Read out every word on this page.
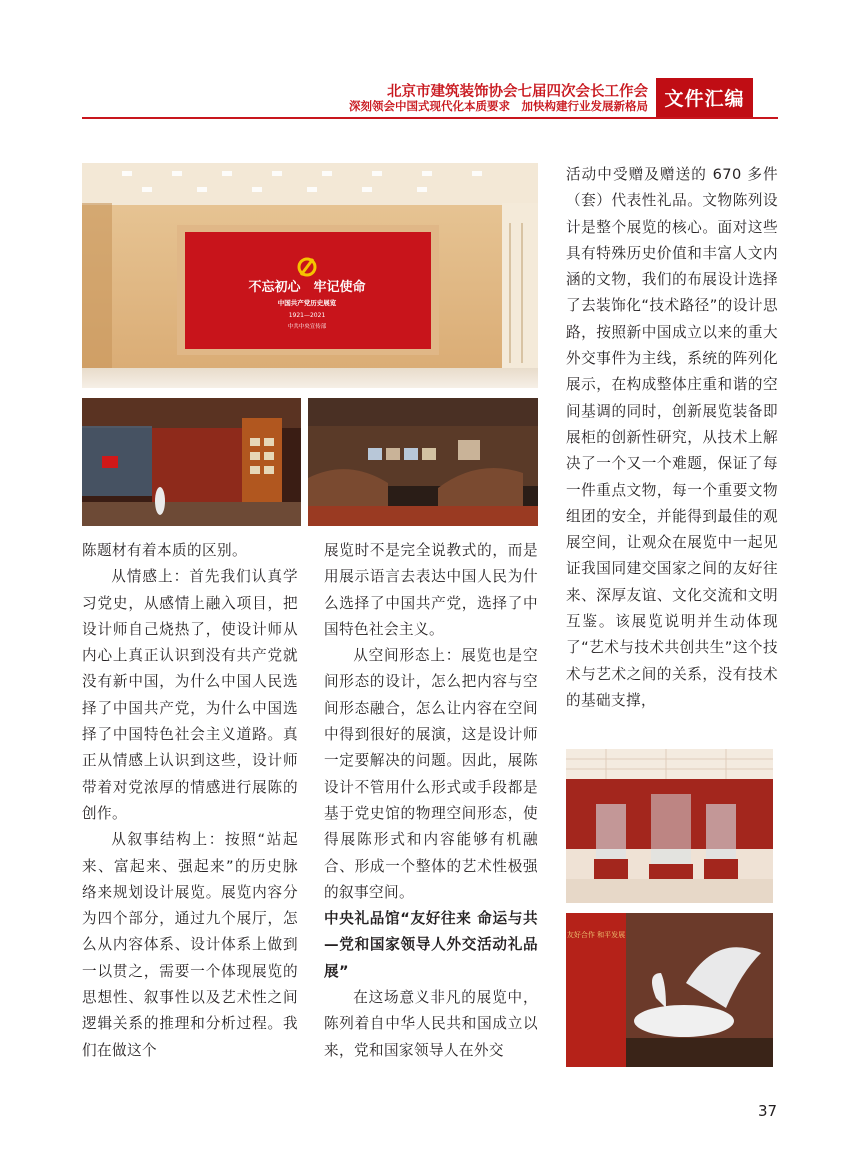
北京市建筑装饰协会七届四次会长工作会
深刻领会中国式现代化本质要求　加快构建行业发展新格局 文件汇编
不忘初心　牢记使命
中国共产党历史展览
1921—2021
中共中央宣传部
友好合作 和平发展

陈题材有着本质的区别。

从情感上：首先我们认真学习党史，从感情上融入项目，把设计师自己烧热了，使设计师从内心上真正认识到没有共产党就没有新中国，为什么中国人民选择了中国共产党，为什么中国选择了中国特色社会主义道路。真正从情感上认识到这些，设计师带着对党浓厚的情感进行展陈的创作。

从叙事结构上：按照“站起来、富起来、强起来”的历史脉络来规划设计展览。展览内容分为四个部分，通过九个展厅，怎么从内容体系、设计体系上做到一以贯之，需要一个体现展览的思想性、叙事性以及艺术性之间逻辑关系的推理和分析过程。我们在做这个

展览时不是完全说教式的，而是用展示语言去表达中国人民为什么选择了中国共产党，选择了中国特色社会主义。

从空间形态上：展览也是空间形态的设计，怎么把内容与空间形态融合，怎么让内容在空间中得到很好的展演，这是设计师一定要解决的问题。因此，展陈设计不管用什么形式或手段都是基于党史馆的物理空间形态，使得展陈形式和内容能够有机融合、形成一个整体的艺术性极强的叙事空间。

中央礼品馆“友好往来 命运与共—党和国家领导人外交活动礼品展”

在这场意义非凡的展览中，陈列着自中华人民共和国成立以来，党和国家领导人在外交

活动中受赠及赠送的 670 多件（套）代表性礼品。文物陈列设计是整个展览的核心。面对这些具有特殊历史价值和丰富人文内涵的文物，我们的布展设计选择了去装饰化“技术路径”的设计思路，按照新中国成立以来的重大外交事件为主线，系统的阵列化展示，在构成整体庄重和谐的空间基调的同时，创新展览装备即展柜的创新性研究，从技术上解决了一个又一个难题，保证了每一件重点文物，每一个重要文物组团的安全，并能得到最佳的观展空间，让观众在展览中一起见证我国同建交国家之间的友好往来、深厚友谊、文化交流和文明互鉴。该展览说明并生动体现了“艺术与技术共创共生”这个技术与艺术之间的关系，没有技术的基础支撑，

37
